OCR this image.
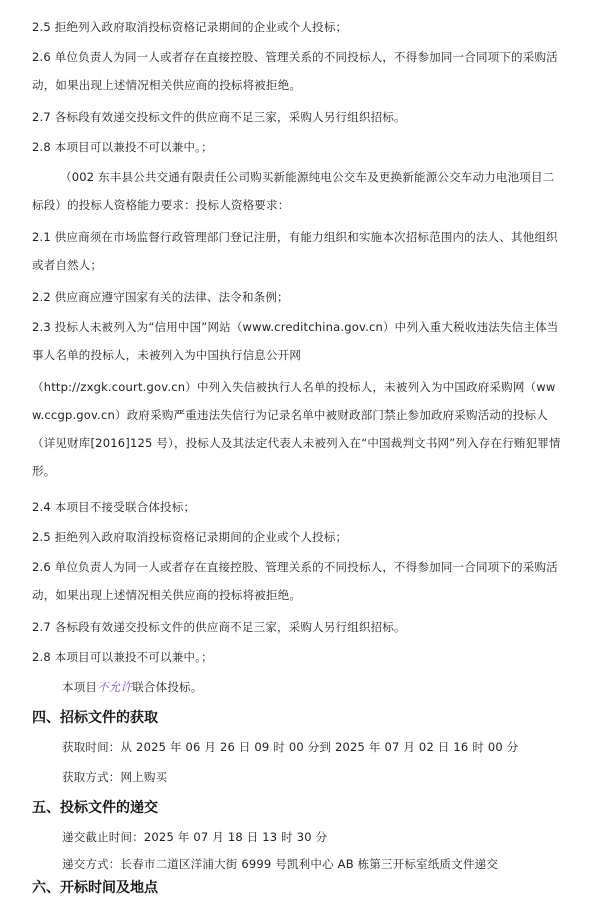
2.5 拒绝列入政府取消投标资格记录期间的企业或个人投标；

2.6 单位负责人为同一人或者存在直接控股、管理关系的不同投标人，不得参加同一合同项下的采购活动，如果出现上述情况相关供应商的投标将被拒绝。

2.7 各标段有效递交投标文件的供应商不足三家，采购人另行组织招标。

2.8 本项目可以兼投不可以兼中。；

（002 东丰县公共交通有限责任公司购买新能源纯电公交车及更换新能源公交车动力电池项目二标段）的投标人资格能力要求：投标人资格要求：

2.1 供应商须在市场监督行政管理部门登记注册，有能力组织和实施本次招标范围内的法人、其他组织或者自然人；

2.2 供应商应遵守国家有关的法律、法令和条例；

2.3 投标人未被列入为“信用中国”网站（www.creditchina.gov.cn）中列入重大税收违法失信主体当事人名单的投标人，未被列入为中国执行信息公开网

（http://zxgk.court.gov.cn）中列入失信被执行人名单的投标人，未被列入为中国政府采购网（www.ccgp.gov.cn）政府采购严重违法失信行为记录名单中被财政部门禁止参加政府采购活动的投标人（详见财库[2016]125 号），投标人及其法定代表人未被列入在“中国裁判文书网”列入存在行贿犯罪情形。

2.4 本项目不接受联合体投标；

2.5 拒绝列入政府取消投标资格记录期间的企业或个人投标；

2.6 单位负责人为同一人或者存在直接控股、管理关系的不同投标人，不得参加同一合同项下的采购活动，如果出现上述情况相关供应商的投标将被拒绝。

2.7 各标段有效递交投标文件的供应商不足三家，采购人另行组织招标。

2.8 本项目可以兼投不可以兼中。；

本项目不允许联合体投标。

四、招标文件的获取

获取时间：从 2025 年 06 月 26 日 09 时 00 分到 2025 年 07 月 02 日 16 时 00 分

获取方式：网上购买

五、投标文件的递交

递交截止时间：2025 年 07 月 18 日 13 时 30 分

递交方式：长春市二道区洋浦大街 6999 号凯利中心 AB 栋第三开标室纸质文件递交

六、开标时间及地点
